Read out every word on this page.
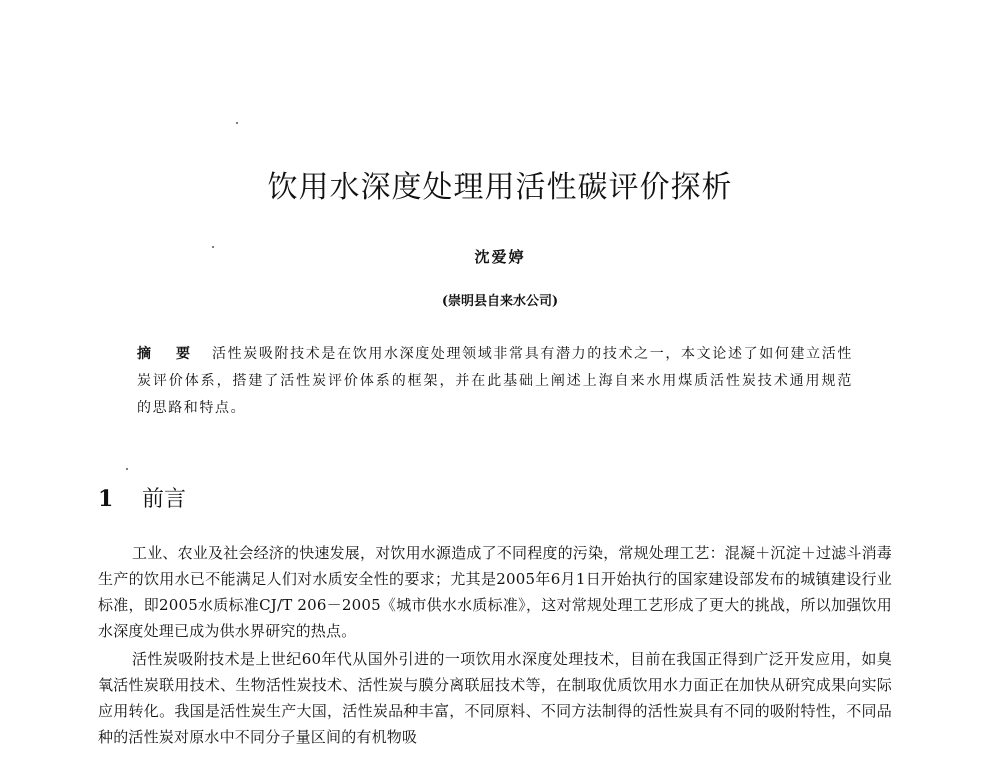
饮用水深度处理用活性碳评价探析
沈爱婷
(崇明县自来水公司)

摘 要 活性炭吸附技术是在饮用水深度处理领域非常具有潜力的技术之一，本文论述了如何建立活性炭评价体系，搭建了活性炭评价体系的框架，并在此基础上阐述上海自来水用煤质活性炭技术通用规范的思路和特点。

1 前言

工业、农业及社会经济的快速发展，对饮用水源造成了不同程度的污染，常规处理工艺：混凝＋沉淀＋过滤斗消毒生产的饮用水已不能满足人们对水质安全性的要求；尤其是2005年6月1日开始执行的国家建设部发布的城镇建设行业标准，即2005水质标准CJ/T 206－2005《城市供水水质标准》，这对常规处理工艺形成了更大的挑战，所以加强饮用水深度处理已成为供水界研究的热点。

活性炭吸附技术是上世纪60年代从国外引进的一项饮用水深度处理技术，目前在我国正得到广泛开发应用，如臭氧活性炭联用技术、生物活性炭技术、活性炭与膜分离联屈技术等，在制取优质饮用水力面正在加快从研究成果向实际应用转化。我国是活性炭生产大国，活性炭品种丰富，不同原料、不同方法制得的活性炭具有不同的吸附特性，不同品种的活性炭对原水中不同分子量区间的有机物吸
